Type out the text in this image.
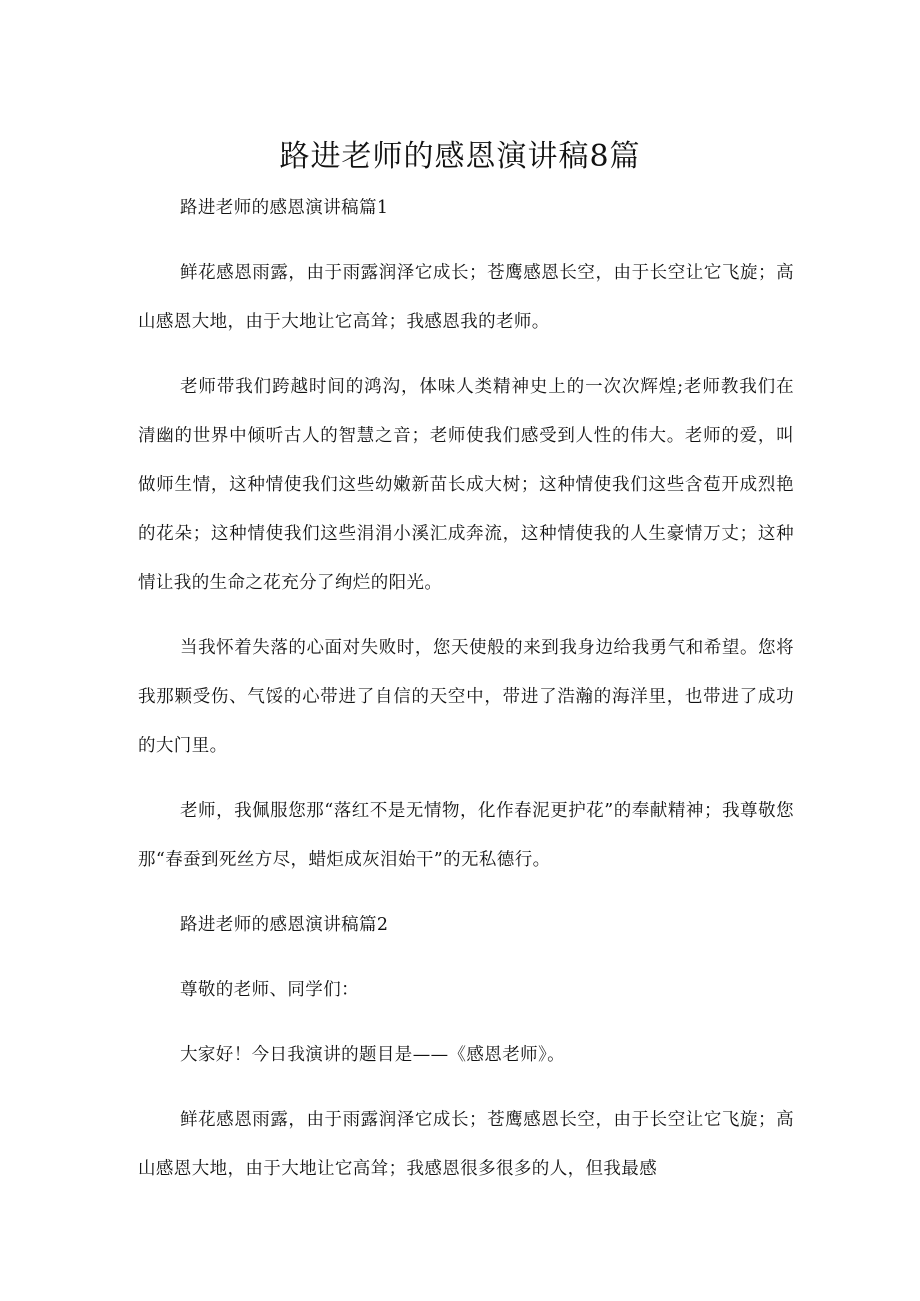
路进老师的感恩演讲稿8篇

路进老师的感恩演讲稿篇1

鲜花感恩雨露，由于雨露润泽它成长；苍鹰感恩长空，由于长空让它飞旋；高山感恩大地，由于大地让它高耸；我感恩我的老师。

老师带我们跨越时间的鸿沟，体味人类精神史上的一次次辉煌;老师教我们在清幽的世界中倾听古人的智慧之音；老师使我们感受到人性的伟大。老师的爱，叫做师生情，这种情使我们这些幼嫩新苗长成大树；这种情使我们这些含苞开成烈艳的花朵；这种情使我们这些涓涓小溪汇成奔流，这种情使我的人生豪情万丈；这种情让我的生命之花充分了绚烂的阳光。

当我怀着失落的心面对失败时，您天使般的来到我身边给我勇气和希望。您将我那颗受伤、气馁的心带进了自信的天空中，带进了浩瀚的海洋里，也带进了成功的大门里。

老师，我佩服您那“落红不是无情物，化作春泥更护花”的奉献精神；我尊敬您那“春蚕到死丝方尽，蜡炬成灰泪始干”的无私德行。

路进老师的感恩演讲稿篇2

尊敬的老师、同学们：

大家好！今日我演讲的题目是——《感恩老师》。

鲜花感恩雨露，由于雨露润泽它成长；苍鹰感恩长空，由于长空让它飞旋；高山感恩大地，由于大地让它高耸；我感恩很多很多的人，但我最感
